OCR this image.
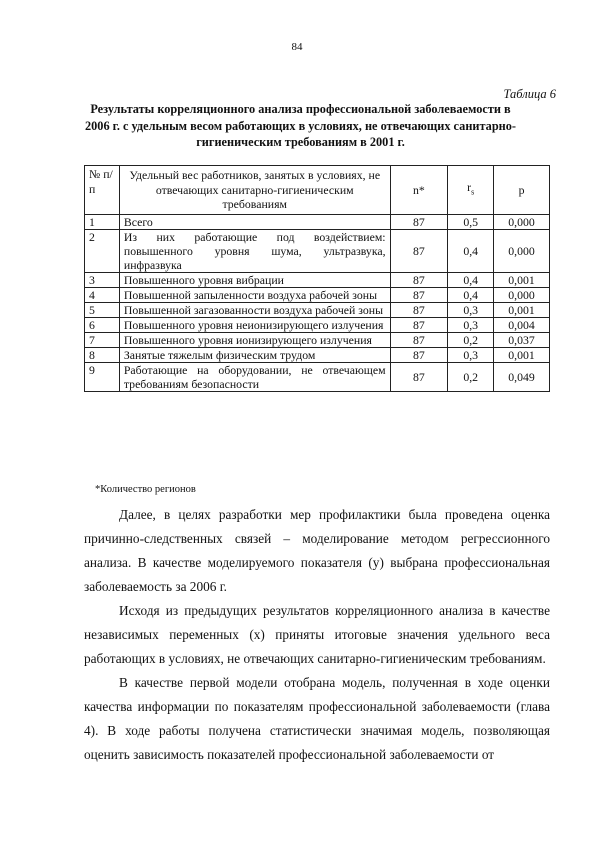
84
Таблица 6
Результаты корреляционного анализа профессиональной заболеваемости в 2006 г. с удельным весом работающих в условиях, не отвечающих санитарно-гигиеническим требованиям в 2001 г.
№ п/п	Удельный вес работников, занятых в условиях, не отвечающих санитарно-гигиеническим требованиям	n*	$r_s$	p
1	Всего	87	0,5	0,000
2	Из них работающие под воздействием: повышенного уровня шума, ультразвука, инфразвука	87	0,4	0,000
3	Повышенного уровня вибрации	87	0,4	0,001
4	Повышенной запыленности воздуха рабочей зоны	87	0,4	0,000
5	Повышенной загазованности воздуха рабочей зоны	87	0,3	0,001
6	Повышенного уровня неионизирующего излучения	87	0,3	0,004
7	Повышенного уровня ионизирующего излучения	87	0,2	0,037
8	Занятые тяжелым физическим трудом	87	0,3	0,001
9	Работающие на оборудовании, не отвечающем требованиям безопасности	87	0,2	0,049
*Количество регионов

Далее, в целях разработки мер профилактики была проведена оценка причинно-следственных связей – моделирование методом регрессионного анализа. В качестве моделируемого показателя (y) выбрана профессиональная заболеваемость за 2006 г.

Исходя из предыдущих результатов корреляционного анализа в качестве независимых переменных (x) приняты итоговые значения удельного веса работающих в условиях, не отвечающих санитарно-гигиеническим требованиям.

В качестве первой модели отобрана модель, полученная в ходе оценки качества информации по показателям профессиональной заболеваемости (глава 4). В ходе работы получена статистически значимая модель, позволяющая оценить зависимость показателей профессиональной заболеваемости от
